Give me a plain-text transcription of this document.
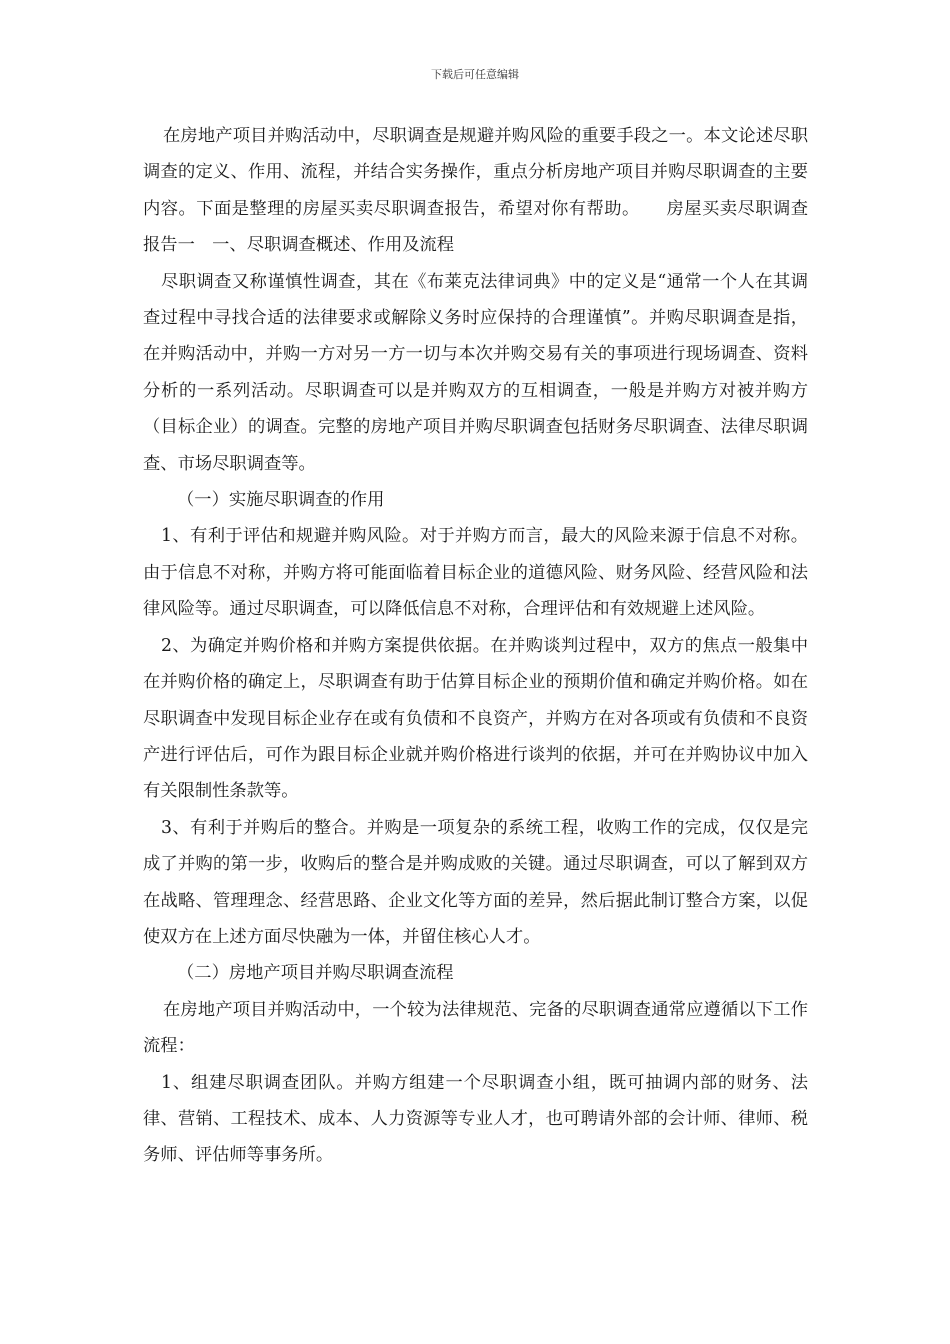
下载后可任意编辑

在房地产项目并购活动中，尽职调查是规避并购风险的重要手段之一。本文论述尽职调查的定义、作用、流程，并结合实务操作，重点分析房地产项目并购尽职调查的主要内容。下面是整理的房屋买卖尽职调查报告，希望对你有帮助。　　房屋买卖尽职调查报告一　一、尽职调查概述、作用及流程

尽职调查又称谨慎性调查，其在《布莱克法律词典》中的定义是“通常一个人在其调查过程中寻找合适的法律要求或解除义务时应保持的合理谨慎”。并购尽职调查是指，在并购活动中，并购一方对另一方一切与本次并购交易有关的事项进行现场调查、资料分析的一系列活动。尽职调查可以是并购双方的互相调查，一般是并购方对被并购方（目标企业）的调查。完整的房地产项目并购尽职调查包括财务尽职调查、法律尽职调查、市场尽职调查等。

（一）实施尽职调查的作用

1、有利于评估和规避并购风险。对于并购方而言，最大的风险来源于信息不对称。由于信息不对称，并购方将可能面临着目标企业的道德风险、财务风险、经营风险和法律风险等。通过尽职调查，可以降低信息不对称，合理评估和有效规避上述风险。

2、为确定并购价格和并购方案提供依据。在并购谈判过程中，双方的焦点一般集中在并购价格的确定上，尽职调查有助于估算目标企业的预期价值和确定并购价格。如在尽职调查中发现目标企业存在或有负债和不良资产，并购方在对各项或有负债和不良资产进行评估后，可作为跟目标企业就并购价格进行谈判的依据，并可在并购协议中加入有关限制性条款等。

3、有利于并购后的整合。并购是一项复杂的系统工程，收购工作的完成，仅仅是完成了并购的第一步，收购后的整合是并购成败的关键。通过尽职调查，可以了解到双方在战略、管理理念、经营思路、企业文化等方面的差异，然后据此制订整合方案，以促使双方在上述方面尽快融为一体，并留住核心人才。

（二）房地产项目并购尽职调查流程

在房地产项目并购活动中，一个较为法律规范、完备的尽职调查通常应遵循以下工作流程：

1、组建尽职调查团队。并购方组建一个尽职调查小组，既可抽调内部的财务、法律、营销、工程技术、成本、人力资源等专业人才，也可聘请外部的会计师、律师、税务师、评估师等事务所。
